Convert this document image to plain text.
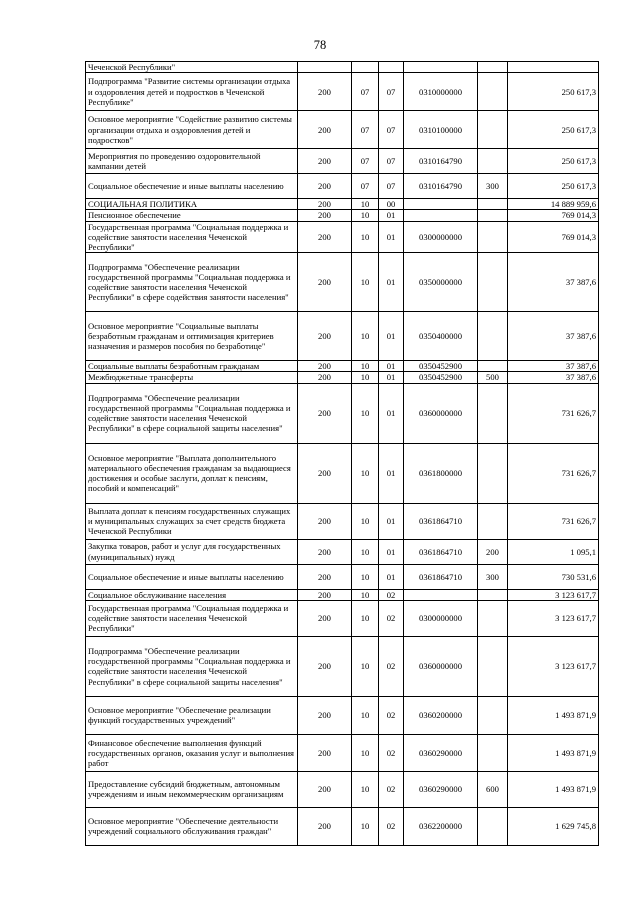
78
Чеченской Республики"						
Подпрограмма "Развитие системы организации отдыха и оздоровления детей и подростков в Чеченской Республике"	200	07	07	0310000000		250 617,3
Основное мероприятие "Содействие развитию системы организации отдыха и оздоровления детей и подростков"	200	07	07	0310100000		250 617,3
Мероприятия по проведению оздоровительной кампании детей	200	07	07	0310164790		250 617,3
Социальное обеспечение и иные выплаты населению	200	07	07	0310164790	300	250 617,3
СОЦИАЛЬНАЯ ПОЛИТИКА	200	10	00			14 889 959,6
Пенсионное обеспечение	200	10	01			769 014,3
Государственная программа "Социальная поддержка и содействие занятости населения Чеченской Республики"	200	10	01	0300000000		769 014,3
Подпрограмма "Обеспечение реализации государственной программы "Социальная поддержка и содействие занятости населения Чеченской Республики" в сфере содействия занятости населения"	200	10	01	0350000000		37 387,6
Основное мероприятие "Социальные выплаты безработным гражданам и оптимизация критериев назначения и размеров пособия по безработице"	200	10	01	0350400000		37 387,6
Социальные выплаты безработным гражданам	200	10	01	0350452900		37 387,6
Межбюджетные трансферты	200	10	01	0350452900	500	37 387,6
Подпрограмма "Обеспечение реализации государственной программы "Социальная поддержка и содействие занятости населения Чеченской Республики" в сфере социальной защиты населения"	200	10	01	0360000000		731 626,7
Основное мероприятие "Выплата дополнительного материального обеспечения гражданам за выдающиеся достижения и особые заслуги, доплат к пенсиям, пособий и компенсаций"	200	10	01	0361800000		731 626,7
Выплата доплат к пенсиям государственных служащих и муниципальных служащих за счет средств бюджета Чеченской Республики	200	10	01	0361864710		731 626,7
Закупка товаров, работ и услуг для государственных (муниципальных) нужд	200	10	01	0361864710	200	1 095,1
Социальное обеспечение и иные выплаты населению	200	10	01	0361864710	300	730 531,6
Социальное обслуживание населения	200	10	02			3 123 617,7
Государственная программа "Социальная поддержка и содействие занятости населения Чеченской Республики"	200	10	02	0300000000		3 123 617,7
Подпрограмма "Обеспечение реализации государственной программы "Социальная поддержка и содействие занятости населения Чеченской Республики" в сфере социальной защиты населения"	200	10	02	0360000000		3 123 617,7
Основное мероприятие "Обеспечение реализации функций государственных учреждений"	200	10	02	0360200000		1 493 871,9
Финансовое обеспечение выполнения функций государственных органов, оказания услуг и выполнения работ	200	10	02	0360290000		1 493 871,9
Предоставление субсидий бюджетным, автономным учреждениям и иным некоммерческим организациям	200	10	02	0360290000	600	1 493 871,9
Основное мероприятие "Обеспечение деятельности учреждений социального обслуживания граждан"	200	10	02	0362200000		1 629 745,8
